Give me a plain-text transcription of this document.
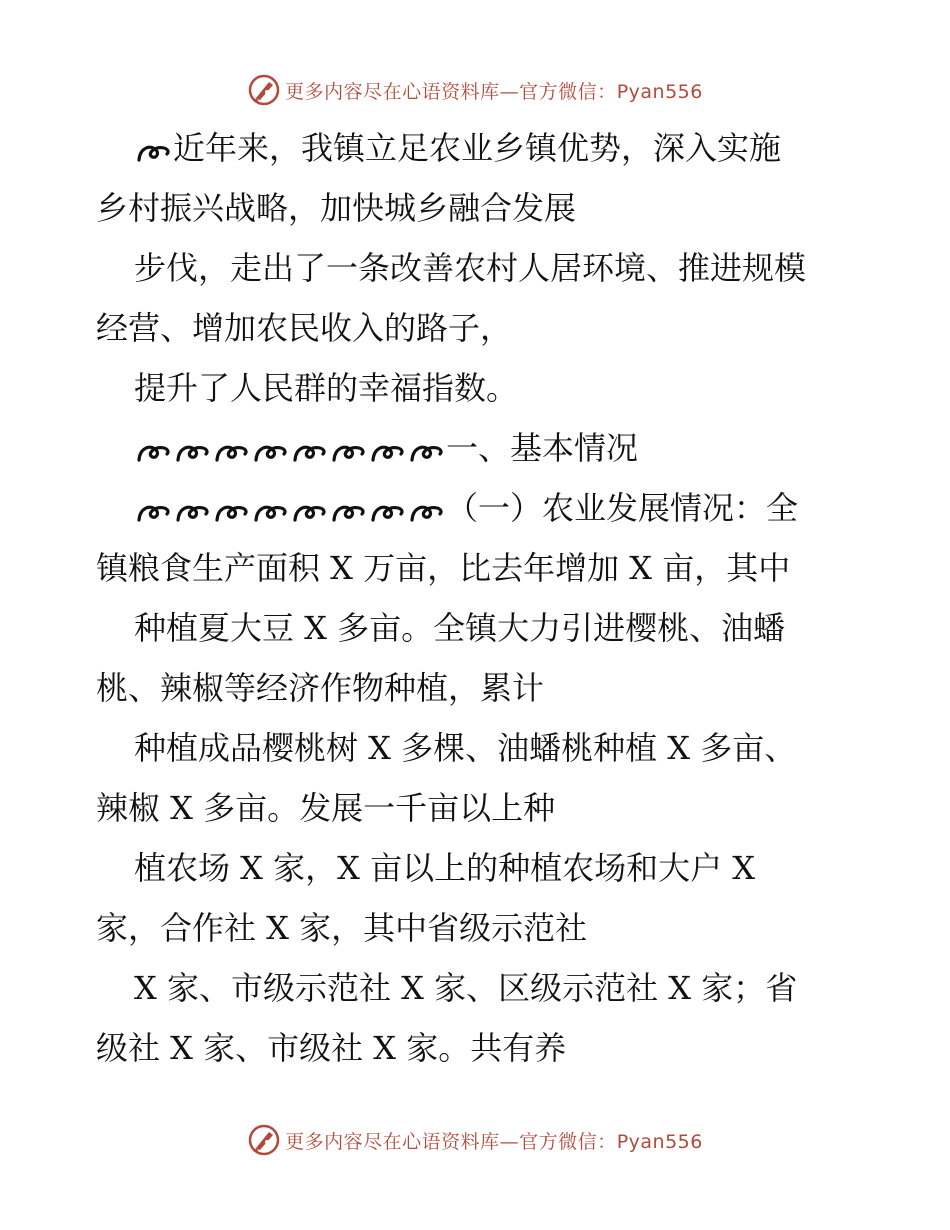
更多内容尽在心语资料库—官方微信：Pyan556
近年来，我镇立足农业乡镇优势，深入实施
乡村振兴战略，加快城乡融合发展
步伐，走出了一条改善农村人居环境、推进规模
经营、增加农民收入的路子，
提升了人民群的幸福指数。
一、基本情况
（一）农业发展情况：全
镇粮食生产面积 X 万亩，比去年增加 X 亩，其中
种植夏大豆 X 多亩。全镇大力引进樱桃、油蟠
桃、辣椒等经济作物种植，累计
种植成品樱桃树 X 多棵、油蟠桃种植 X 多亩、
辣椒 X 多亩。发展一千亩以上种
植农场 X 家，X 亩以上的种植农场和大户 X
家，合作社 X 家，其中省级示范社
X 家、市级示范社 X 家、区级示范社 X 家；省
级社 X 家、市级社 X 家。共有养
更多内容尽在心语资料库—官方微信：Pyan556
